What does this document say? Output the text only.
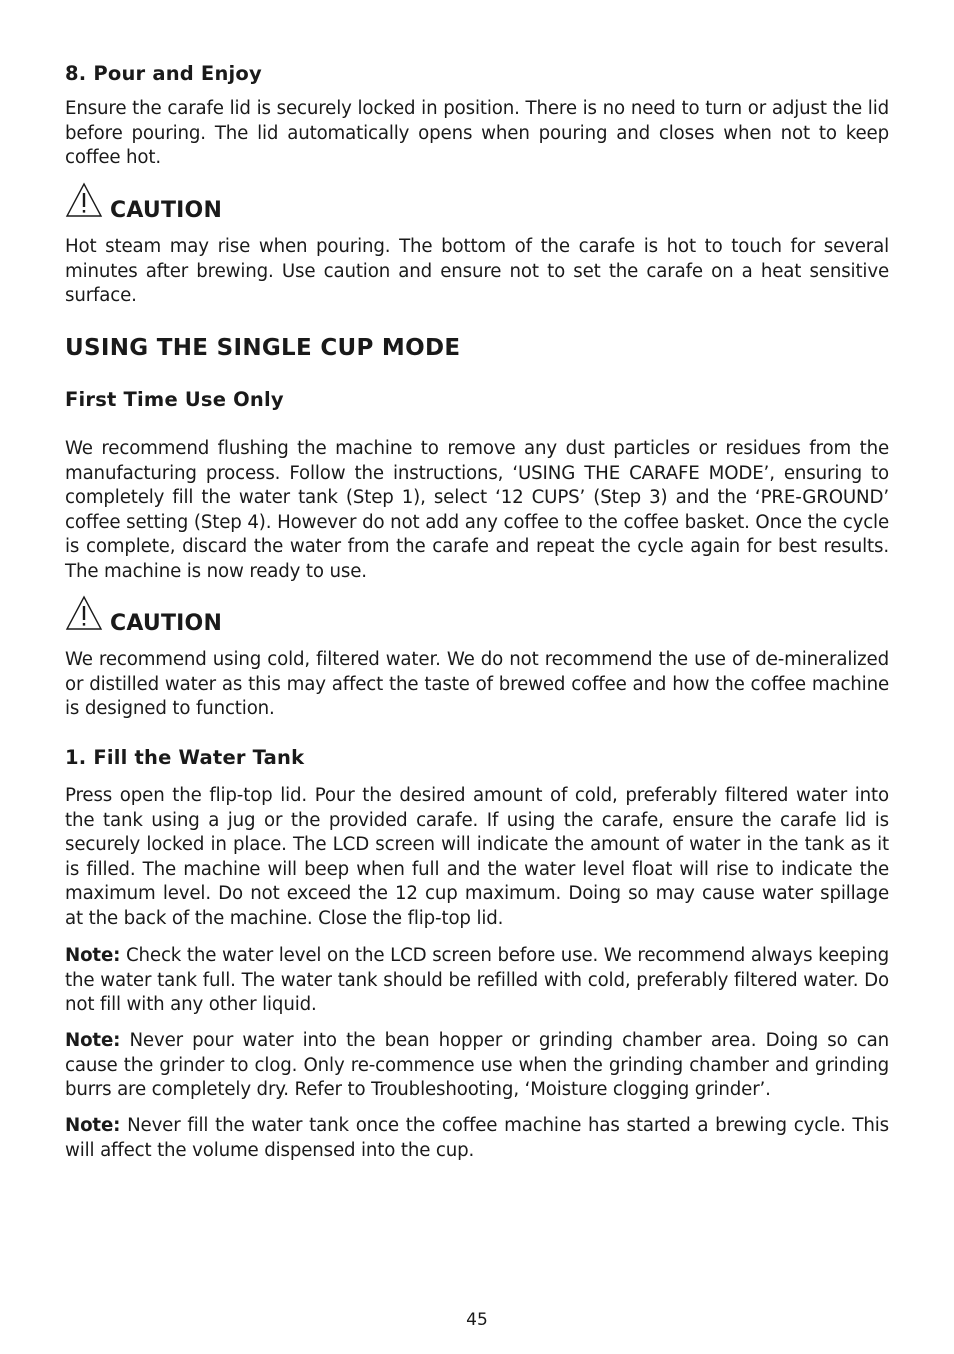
8. Pour and Enjoy

Ensure the carafe lid is securely locked in position. There is no need to turn or adjust the lid before pouring. The lid automatically opens when pouring and closes when not to keep coffee hot.

CAUTION

Hot steam may rise when pouring. The bottom of the carafe is hot to touch for several minutes after brewing. Use caution and ensure not to set the carafe on a heat sensitive surface.

USING THE SINGLE CUP MODE
First Time Use Only

We recommend flushing the machine to remove any dust particles or residues from the manufacturing process. Follow the instructions, ‘USING THE CARAFE MODE’, ensuring to completely fill the water tank (Step 1), select ‘12 CUPS’ (Step 3) and the ‘PRE-GROUND’ coffee setting (Step 4). However do not add any coffee to the coffee basket. Once the cycle is complete, discard the water from the carafe and repeat the cycle again for best results. The machine is now ready to use.

CAUTION

We recommend using cold, filtered water. We do not recommend the use of de-mineralized or distilled water as this may affect the taste of brewed coffee and how the coffee machine is designed to function.

1. Fill the Water Tank

Press open the flip-top lid. Pour the desired amount of cold, preferably filtered water into the tank using a jug or the provided carafe. If using the carafe, ensure the carafe lid is securely locked in place. The LCD screen will indicate the amount of water in the tank as it is filled. The machine will beep when full and the water level float will rise to indicate the maximum level. Do not exceed the 12 cup maximum. Doing so may cause water spillage at the back of the machine. Close the flip-top lid.

Note: Check the water level on the LCD screen before use. We recommend always keeping the water tank full. The water tank should be refilled with cold, preferably filtered water. Do not fill with any other liquid.

Note: Never pour water into the bean hopper or grinding chamber area. Doing so can cause the grinder to clog. Only re-commence use when the grinding chamber and grinding burrs are completely dry. Refer to Troubleshooting, ‘Moisture clogging grinder’.

Note: Never fill the water tank once the coffee machine has started a brewing cycle. This will affect the volume dispensed into the cup.

45
